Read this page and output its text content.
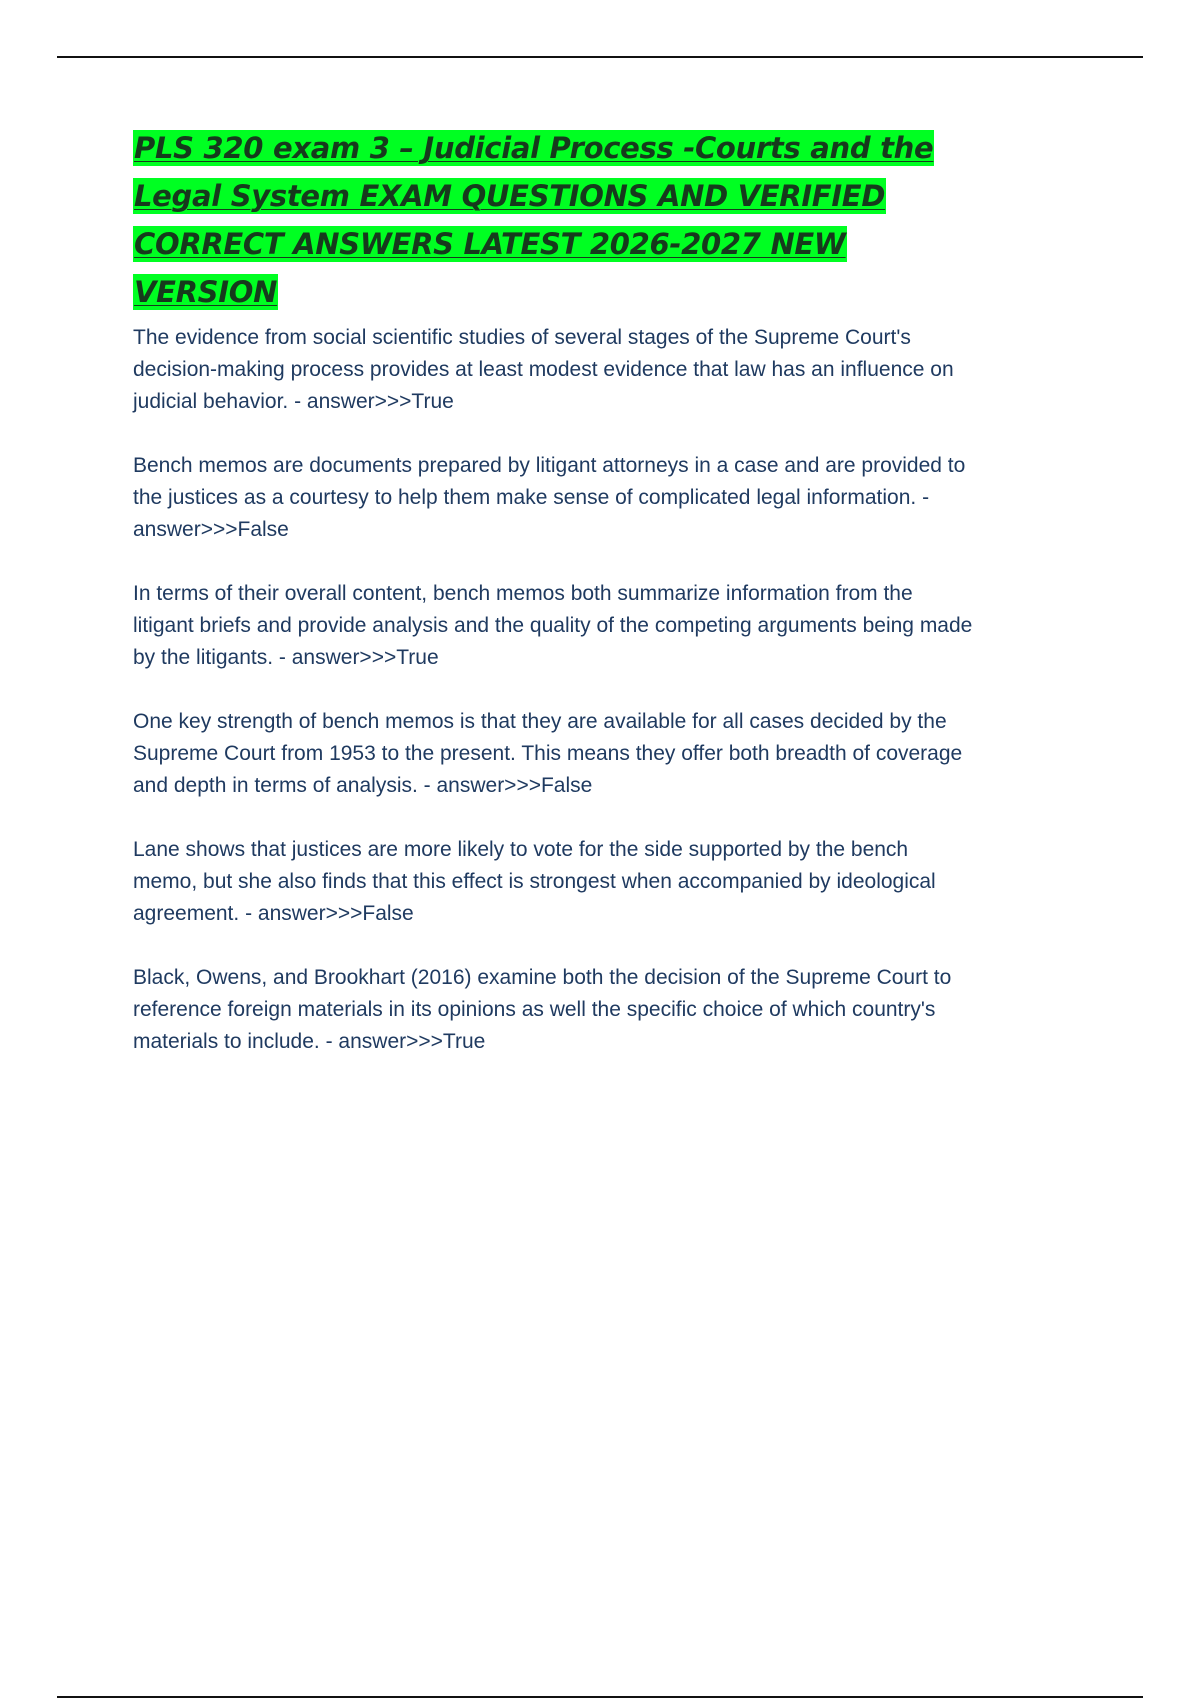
PLS 320 exam 3 – Judicial Process -Courts and the Legal System EXAM QUESTIONS AND VERIFIED CORRECT ANSWERS LATEST 2026-2027 NEW VERSION

The evidence from social scientific studies of several stages of the Supreme Court's decision-making process provides at least modest evidence that law has an influence on judicial behavior. - answer>>>True

Bench memos are documents prepared by litigant attorneys in a case and are provided to the justices as a courtesy to help them make sense of complicated legal information. - answer>>>False

In terms of their overall content, bench memos both summarize information from the litigant briefs and provide analysis and the quality of the competing arguments being made by the litigants. - answer>>>True

One key strength of bench memos is that they are available for all cases decided by the Supreme Court from 1953 to the present. This means they offer both breadth of coverage and depth in terms of analysis. - answer>>>False

Lane shows that justices are more likely to vote for the side supported by the bench memo, but she also finds that this effect is strongest when accompanied by ideological agreement. - answer>>>False

Black, Owens, and Brookhart (2016) examine both the decision of the Supreme Court to reference foreign materials in its opinions as well the specific choice of which country's materials to include. - answer>>>True
